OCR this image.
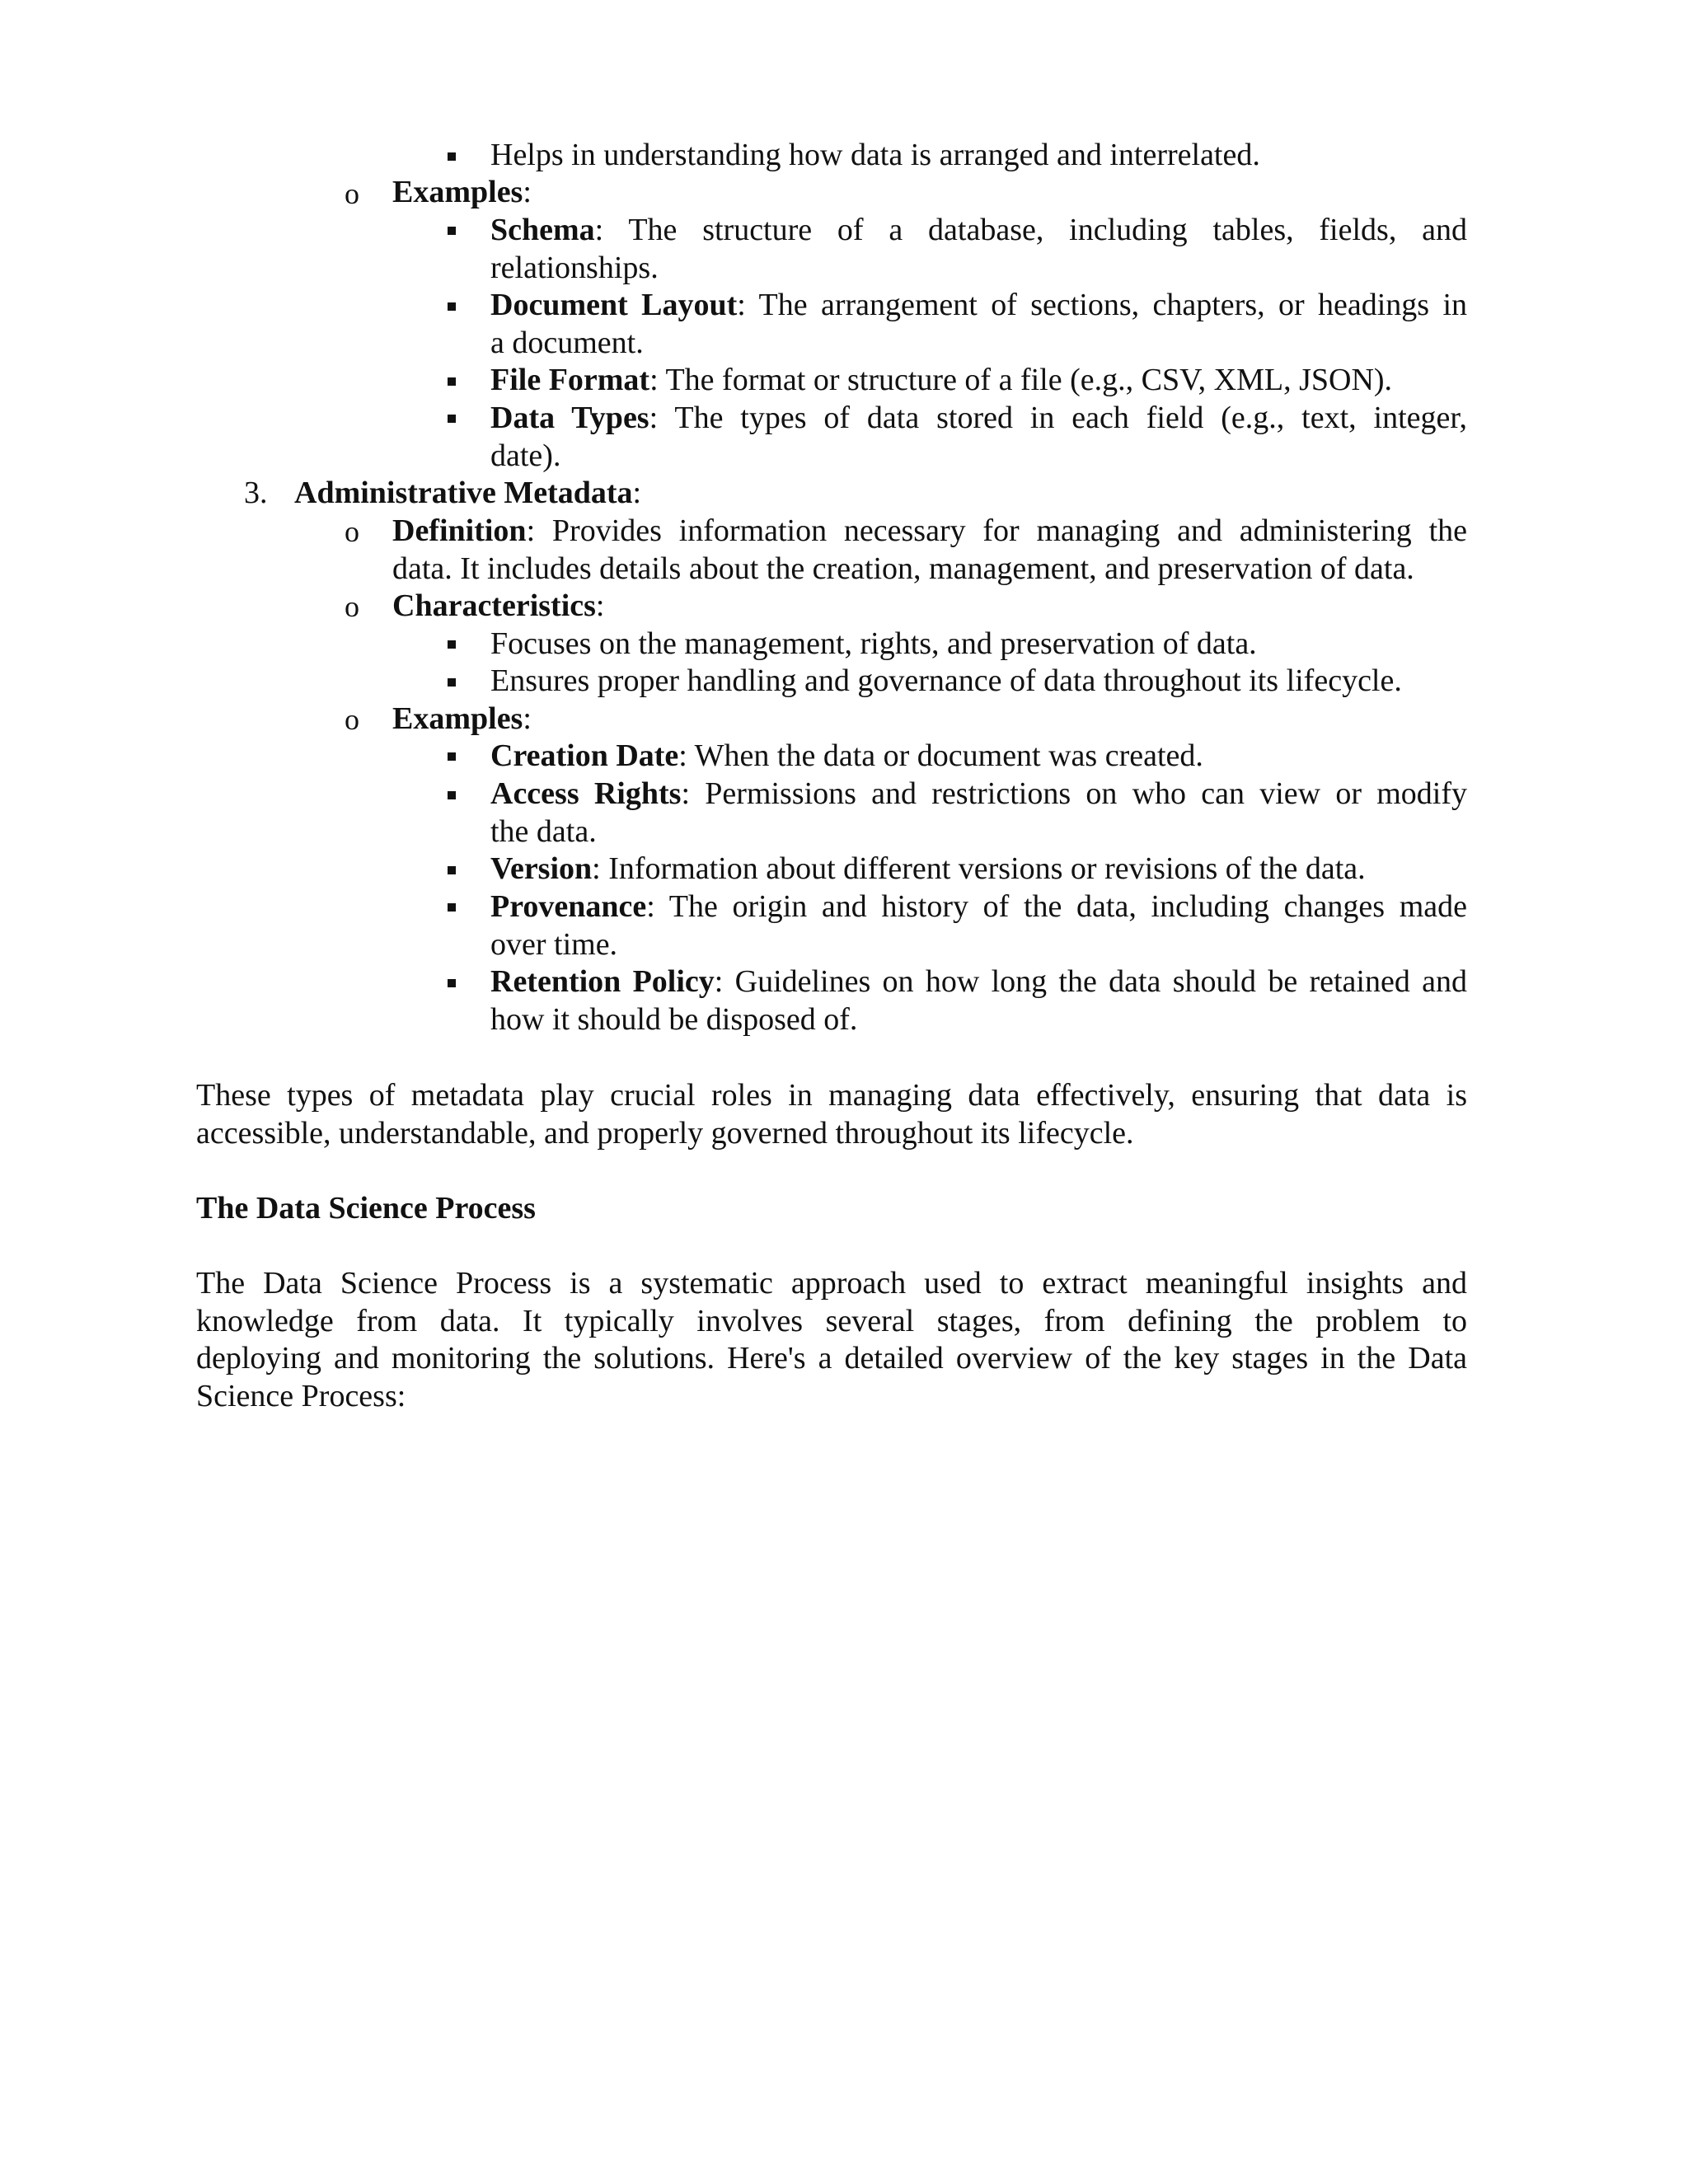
Helps in understanding how data is arranged and interrelated.
o Examples:
Schema: The structure of a database, including tables, fields, and
relationships.
Document Layout: The arrangement of sections, chapters, or headings in
a document.
File Format: The format or structure of a file (e.g., CSV, XML, JSON).
Data Types: The types of data stored in each field (e.g., text, integer,
date).
3. Administrative Metadata:
o Definition: Provides information necessary for managing and administering the
data. It includes details about the creation, management, and preservation of data.
o Characteristics:
Focuses on the management, rights, and preservation of data.
Ensures proper handling and governance of data throughout its lifecycle.
o Examples:
Creation Date: When the data or document was created.
Access Rights: Permissions and restrictions on who can view or modify
the data.
Version: Information about different versions or revisions of the data.
Provenance: The origin and history of the data, including changes made
over time.
Retention Policy: Guidelines on how long the data should be retained and
how it should be disposed of.
These types of metadata play crucial roles in managing data effectively, ensuring that data is
accessible, understandable, and properly governed throughout its lifecycle.
The Data Science Process
The Data Science Process is a systematic approach used to extract meaningful insights and
knowledge from data. It typically involves several stages, from defining the problem to
deploying and monitoring the solutions. Here's a detailed overview of the key stages in the Data
Science Process:
